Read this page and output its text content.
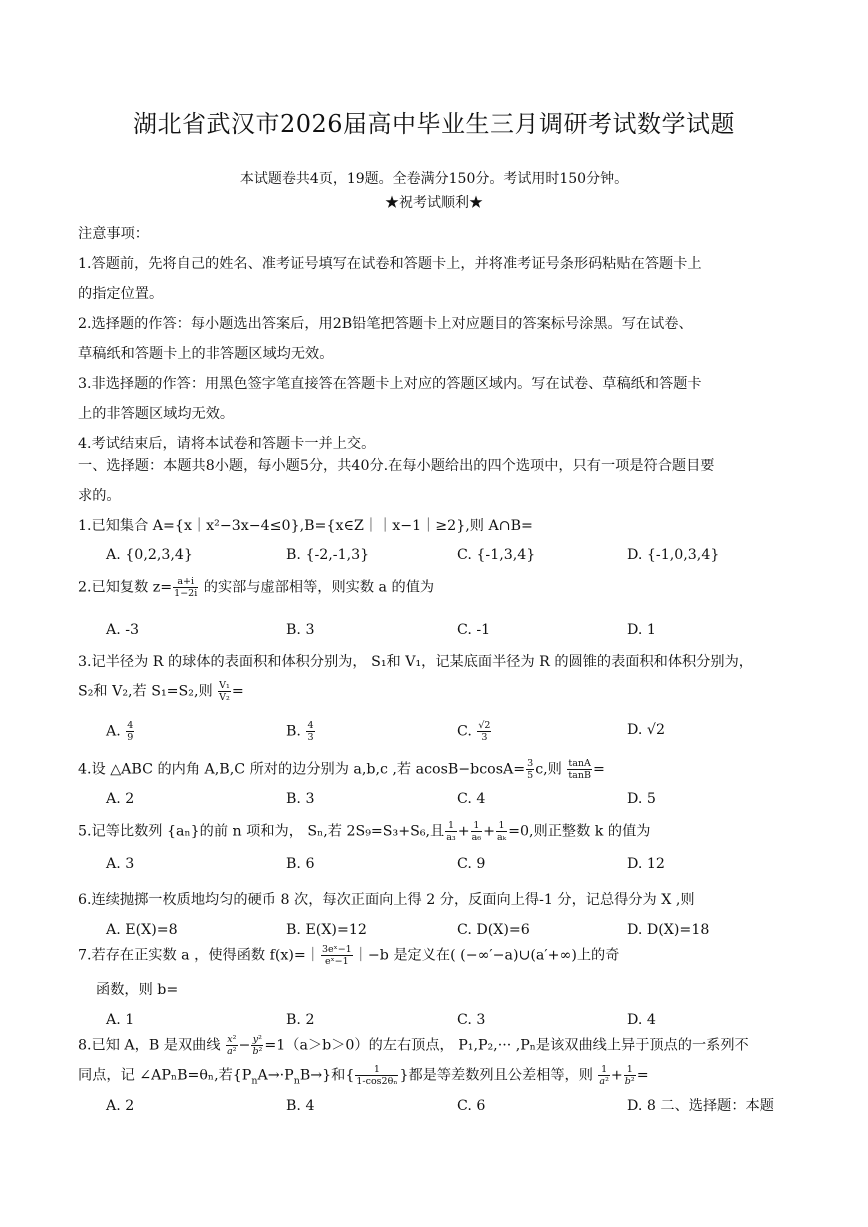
湖北省武汉市2026届高中毕业生三月调研考试数学试题
本试题卷共4页，19题。全卷满分150分。考试用时150分钟。
★祝考试顺利★
注意事项：
1.答题前，先将自己的姓名、准考证号填写在试卷和答题卡上，并将准考证号条形码粘贴在答题卡上
的指定位置。
2.选择题的作答：每小题选出答案后，用2B铅笔把答题卡上对应题目的答案标号涂黑。写在试卷、
草稿纸和答题卡上的非答题区域均无效。
3.非选择题的作答：用黑色签字笔直接答在答题卡上对应的答题区域内。写在试卷、草稿纸和答题卡
上的非答题区域均无效。
4.考试结束后，请将本试卷和答题卡一并上交。
一、选择题：本题共8小题，每小题5分，共40分.在每小题给出的四个选项中，只有一项是符合题目要
求的。
1.已知集合 A={x｜x²−3x−4≤0},B={x∈Z｜｜x−1｜≥2},则 A∩B=
A. {0,2,3,4}	B. {-2,-1,3}	C. {-1,3,4}	D. {-1,0,3,4}
2.已知复数 $z= \frac{a+i}{1-2i}$ 的实部与虚部相等，则实数 a 的值为
A. -3	B. 3	C. -1	D. 1
3.记半径为 R 的球体的表面积和体积分别为， S₁和 V₁，记某底面半径为 R 的圆锥的表面积和体积分别为，
S₂和 V₂,若 S₁=S₂,则 $\frac{\text{V₁}}{\text{V₂}}$ =
A. $\frac{4}{9}$	B. $\frac{4}{3}$	C. $\frac{√2}{3}$	D. √2
4.设 △ABC 的内角 A,B,C 所对的边分别为 a,b,c ,若 $acosB-bcosA= \frac{3}{5} c$,则 $\frac{\tan A}{\tan B}$ =
A. 2	B. 3	C. 4	D. 5
5.记等比数列 {aₙ}的前 n 项和为， Sₙ,若 2S₉=S₃+S₆,且 $\frac{1}{\text{a₃}} + \frac{1}{\text{a₆}} + \frac{1}{\text{aₖ}} =0$,则正整数 k 的值为
A. 3	B. 6	C. 9	D. 12
6.连续抛掷一枚质地均匀的硬币 8 次，每次正面向上得 2 分，反面向上得-1 分，记总得分为 X ,则
A. E(X)=8	B. E(X)=12	C. D(X)=6	D. D(X)=18
7.若存在正实数 a ，使得函数 f(x)=｜ $\frac{\text{3eˣ−1}}{\text{eˣ−1}}$ ｜−b 是定义在( (−∞′−a)∪(a′+∞)上的奇
函数，则 b=
A. 1	B. 2	C. 3	D. 4
8.已知 A，B 是双曲线 $\frac{\text{x²}}{\text{a²}} - \frac{\text{y²}}{\text{b²}} =1(a>b>0)$的左右顶点， P₁,P₂,··· ,Pₙ是该双曲线上异于顶点的一系列不
同点，记 ∠APₙB=θₙ,若$\{P_nA\to\cdot P_nB\to\}$和{ $\frac{1}{\text{1-cos2θₙ}}$ }都是等差数列且公差相等，则 $\frac{1}{\text{a²}} + \frac{1}{\text{b²}}$ =
A. 2	B. 4	C. 6	D. 8 二、选择题：本题
